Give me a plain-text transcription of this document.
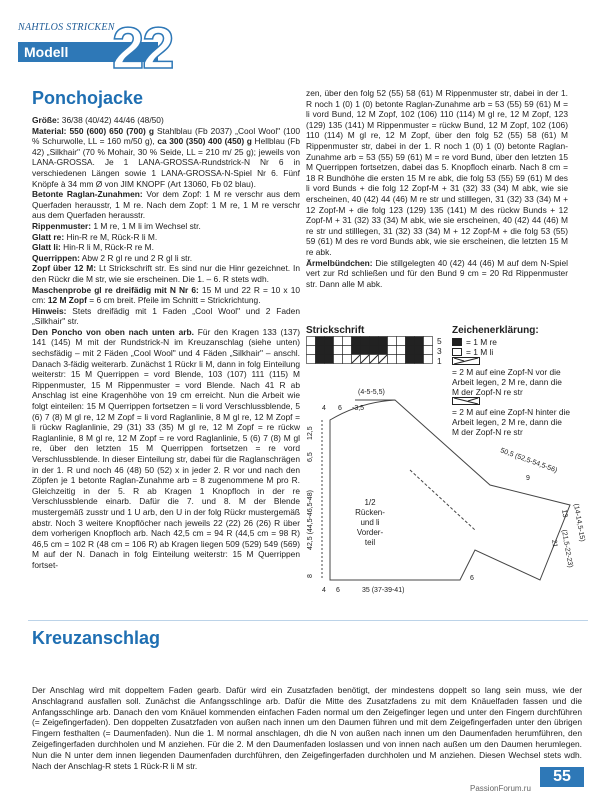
NAHTLOS STRICKEN
Modell 22
Ponchojacke

Größe: 36/38 (40/42) 44/46 (48/50)

Material: 550 (600) 650 (700) g Stahlblau (Fb 2037) „Cool Wool" (100 % Schurwolle, LL = 160 m/50 g), ca 300 (350) 400 (450) g Hellblau (Fb 42) „Silkhair" (70 % Mohair, 30 % Seide, LL = 210 m/ 25 g); jeweils von LANA-GROSSA. Je 1 LANA-GROSSA-Rundstrick-N Nr 6 in verschiedenen Längen sowie 1 LANA-GROSSA-N-Spiel Nr 6. Fünf Knöpfe à 34 mm Ø von JIM KNOPF (Art 13060, Fb 02 blau).

Betonte Raglan-Zunahmen: Vor dem Zopf: 1 M re verschr aus dem Querfaden herausstr, 1 M re. Nach dem Zopf: 1 M re, 1 M re verschr aus dem Querfaden herausstr.

Rippenmuster: 1 M re, 1 M li im Wechsel str.

Glatt re: Hin-R re M, Rück-R li M.

Glatt li: Hin-R li M, Rück-R re M.

Querrippen: Abw 2 R gl re und 2 R gl li str.

Zopf über 12 M: Lt Strickschrift str. Es sind nur die Hinr gezeichnet. In den Rückr die M str, wie sie erscheinen. Die 1. – 6. R stets wdh.

Maschenprobe gl re dreifädig mit N Nr 6: 15 M und 22 R = 10 x 10 cm: 12 M Zopf = 6 cm breit. Pfeile im Schnitt = Strickrichtung.

Hinweis: Stets dreifädig mit 1 Faden „Cool Wool" und 2 Faden „Silkhair" str.

Den Poncho von oben nach unten arb. Für den Kragen 133 (137) 141 (145) M mit der Rundstrick-N im Kreuzanschlag (siehe unten) sechsfädig – mit 2 Fäden „Cool Wool" und 4 Fäden „Silkhair" – anschl. Danach 3-fädig weiterarb. Zunächst 1 Rückr li M, dann in folg Einteilung weiterstr: 15 M Querrippen = vord Blende, 103 (107) 111 (115) M Rippenmuster, 15 M Rippenmuster = vord Blende. Nach 41 R ab Anschlag ist eine Kragenhöhe von 19 cm erreicht. Nun die Arbeit wie folgt einteilen: 15 M Querrippen fortsetzen = li vord Verschlussblende, 5 (6) 7 (8) M gl re, 12 M Zopf = li vord Raglanlinie, 8 M gl re, 12 M Zopf = li rückw Raglanlinie, 29 (31) 33 (35) M gl re, 12 M Zopf = re rückw Raglanlinie, 8 M gl re, 12 M Zopf = re vord Raglanlinie, 5 (6) 7 (8) M gl re, über den letzten 15 M Querrippen fortsetzen = re vord Verschlussblende. In dieser Einteilung str, dabei für die Raglanschrägen in der 1. R und noch 46 (48) 50 (52) x in jeder 2. R vor und nach den Zöpfen je 1 betonte Raglan-Zunahme arb = 8 zugenommene M pro R. Gleichzeitig in der 5. R ab Kragen 1 Knopfloch in der re Verschlussblende einarb. Dafür die 7. und 8. M der Blende mustergemäß zusstr und 1 U arb, den U in der folg Rückr mustergemäß abstr. Noch 3 weitere Knopflöcher nach jeweils 22 (22) 26 (26) R über dem vorherigen Knopfloch arb. Nach 42,5 cm = 94 R (44,5 cm = 98 R) 46,5 cm = 102 R (48 cm = 106 R) ab Kragen liegen 509 (529) 549 (569) M auf der N. Danach in folg Einteilung weiterstr: 15 M Querrippen fortset-

zen, über den folg 52 (55) 58 (61) M Rippenmuster str, dabei in der 1. R noch 1 (0) 1 (0) betonte Raglan-Zunahme arb = 53 (55) 59 (61) M = li vord Bund, 12 M Zopf, 102 (106) 110 (114) M gl re, 12 M Zopf, 123 (129) 135 (141) M Rippenmuster = rückw Bund, 12 M Zopf, 102 (106) 110 (114) M gl re, 12 M Zopf, über den folg 52 (55) 58 (61) M Rippenmuster str, dabei in der 1. R noch 1 (0) 1 (0) betonte Raglan-Zunahme arb = 53 (55) 59 (61) M = re vord Bund, über den letzten 15 M Querrippen fortsetzen, dabei das 5. Knopfloch einarb. Nach 8 cm = 18 R Bundhöhe die ersten 15 M re abk, die folg 53 (55) 59 (61) M des li vord Bunds + die folg 12 Zopf-M + 31 (32) 33 (34) M abk, wie sie erscheinen, 40 (42) 44 (46) M re str und stilllegen, 31 (32) 33 (34) M + 12 Zopf-M + die folg 123 (129) 135 (141) M des rückw Bunds + 12 Zopf-M + 31 (32) 33 (34) M abk, wie sie erscheinen, 40 (42) 44 (46) M re str und stilllegen, 31 (32) 33 (34) M + 12 Zopf-M + die folg 53 (55) 59 (61) M des re vord Bunds abk, wie sie erscheinen, die letzten 15 M re abk.

Ärmelbündchen: Die stillgelegten 40 (42) 44 (46) M auf dem N-Spiel vert zur Rd schließen und für den Bund 9 cm = 20 Rd Rippenmuster str. Dann alle M abk.

Strickschrift
5
3
1
Zeichenerklärung:
= 1 M re
= 1 M li

= 2 M auf eine Zopf-N vor die Arbeit legen, 2 M re, dann die M der Zopf-N re str

= 2 M auf eine Zopf-N hinter die Arbeit legen, 2 M re, dann die M der Zopf-N re str
(4-5-5,5)
4 6 -3,5
12,5
6,5	50,5 (52,5-54,5-56)
9
13 (14-14,5-15)
42,5 (44,5-46,5-48)
8
21 (21,5-22-23)
1/2
Rücken-
und li
Vorder-
teil
4 6	35 (37-39-41)
6
Kreuzanschlag
Der Anschlag wird mit doppeltem Faden gearb. Dafür wird ein Zusatzfaden benötigt, der mindestens doppelt so lang sein muss, wie der Anschlagrand ausfallen soll. Zunächst die Anfangsschlinge arb. Dafür die Mitte des Zusatzfadens zu mit dem Knäuelfaden fassen und die Anfangsschlinge arb. Danach den vom Knäuel kommenden einfachen Faden normal um den Zeigefinger legen und unter den Fingern durchführen (= Zeigefingerfaden). Den doppelten Zusatzfaden von außen nach innen um den Daumen führen und mit dem Zeigefingerfaden unter den übrigen Fingern festhalten (= Daumenfaden). Nun die 1. M normal anschlagen, dh die N von außen nach innen um den Daumenfaden herumführen, den Zeigefingerfaden durchholen und M anziehen. Für die 2. M den Daumenfaden loslassen und von innen nach außen um den Daumen herumlegen. Nun die N unter dem innen liegenden Daumenfaden durchführen, den Zeigefingerfaden durchholen und M anziehen. Diesen Wechsel stets wdh. Nach der Anschlag-R stets 1 Rück-R li M str.
55
PassionForum.ru
